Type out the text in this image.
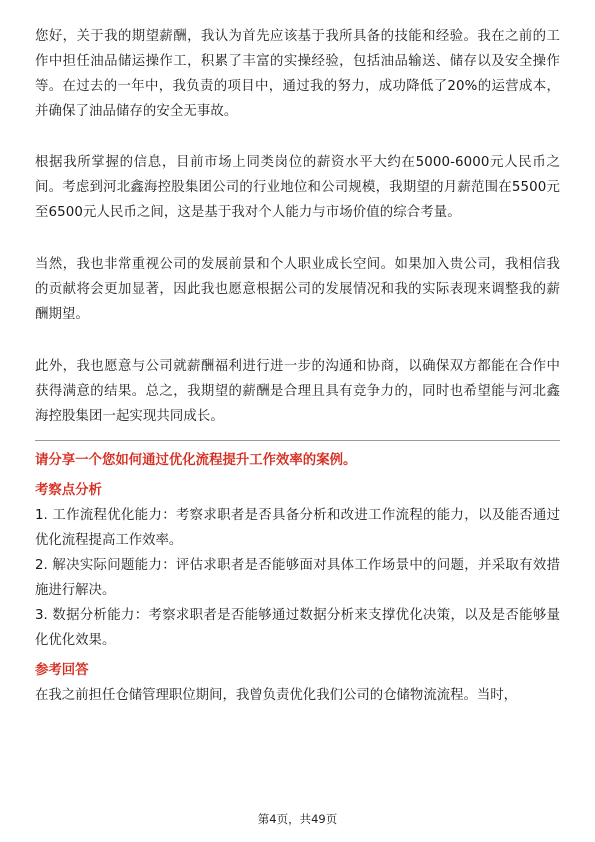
您好，关于我的期望薪酬，我认为首先应该基于我所具备的技能和经验。我在之前的工作中担任油品储运操作工，积累了丰富的实操经验，包括油品输送、储存以及安全操作等。在过去的一年中，我负责的项目中，通过我的努力，成功降低了20%的运营成本，并确保了油品储存的安全无事故。

根据我所掌握的信息，目前市场上同类岗位的薪资水平大约在5000-6000元人民币之间。考虑到河北鑫海控股集团公司的行业地位和公司规模，我期望的月薪范围在5500元至6500元人民币之间，这是基于我对个人能力与市场价值的综合考量。

当然，我也非常重视公司的发展前景和个人职业成长空间。如果加入贵公司，我相信我的贡献将会更加显著，因此我也愿意根据公司的发展情况和我的实际表现来调整我的薪酬期望。

此外，我也愿意与公司就薪酬福利进行进一步的沟通和协商，以确保双方都能在合作中获得满意的结果。总之，我期望的薪酬是合理且具有竞争力的，同时也希望能与河北鑫海控股集团一起实现共同成长。

请分享一个您如何通过优化流程提升工作效率的案例。

考察点分析

1. 工作流程优化能力：考察求职者是否具备分析和改进工作流程的能力，以及能否通过优化流程提高工作效率。

2. 解决实际问题能力：评估求职者是否能够面对具体工作场景中的问题，并采取有效措施进行解决。

3. 数据分析能力：考察求职者是否能够通过数据分析来支撑优化决策，以及是否能够量化优化效果。

参考回答

在我之前担任仓储管理职位期间，我曾负责优化我们公司的仓储物流流程。当时，

第4页，共49页
